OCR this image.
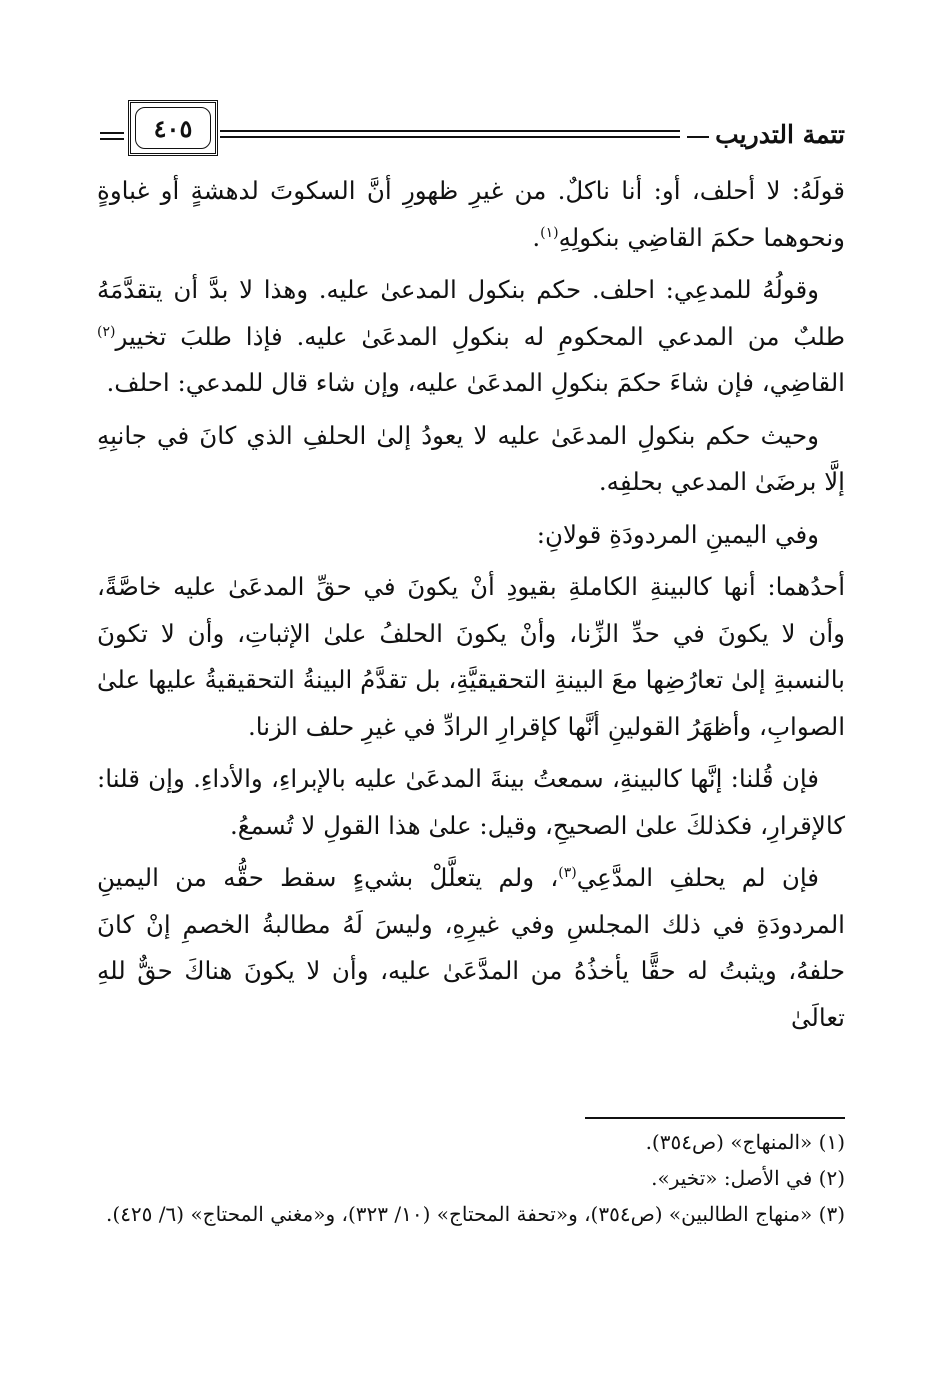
تتمة التدريب
٤٠٥

قولَهُ: لا أحلف، أو: أنا ناكلٌ. من غيرِ ظهورِ أنَّ السكوتَ لدهشةٍ أو غباوةٍ ونحوهما حكمَ القاضِي بنكولِهِ$^{(١)}$.

وقولُهُ للمدعِي: احلف. حكم بنكول المدعىٰ عليه. وهذا لا بدَّ أن يتقدَّمَهُ طلبٌ من المدعي المحكومِ له بنكولِ المدعَىٰ عليه. فإذا طلبَ تخيير$^{(٢)}$ القاضِي، فإن شاءَ حكمَ بنكولِ المدعَىٰ عليه، وإن شاء قال للمدعي: احلف.

وحيث حكم بنكولِ المدعَىٰ عليه لا يعودُ إلىٰ الحلفِ الذي كانَ في جانبِهِ إلَّا برضَىٰ المدعي بحلفِه.

وفي اليمينِ المردودَةِ قولانِ:

أحدُهما: أنها كالبينةِ الكاملةِ بقيودِ أنْ يكونَ في حقِّ المدعَىٰ عليه خاصَّةً، وأن لا يكونَ في حدِّ الزِّنا، وأنْ يكونَ الحلفُ علىٰ الإثباتِ، وأن لا تكونَ بالنسبةِ إلىٰ تعارُضِها معَ البينةِ التحقيقيَّةِ، بل تقدَّمُ البينةُ التحقيقيةُ عليها علىٰ الصوابِ، وأظهَرُ القولينِ أنَّها كإقرارِ الرادِّ في غيرِ حلف الزنا.

فإن قُلنا: إنَّها كالبينةِ، سمعتُ بينةَ المدعَىٰ عليه بالإبراءِ، والأداءِ. وإن قلنا: كالإقرارِ، فكذلكَ علىٰ الصحيحِ، وقيل: علىٰ هذا القولِ لا تُسمعُ.

فإن لم يحلفِ المدَّعِي$^{(٣)}$، ولم يتعلَّلْ بشيءٍ سقط حقُّه من اليمينِ المردودَةِ في ذلك المجلسِ وفي غيرِهِ، وليسَ لَهُ مطالبةُ الخصمِ إنْ كانَ حلفهُ، ويثبتُ له حقًّا يأخذُهُ من المدَّعَىٰ عليه، وأن لا يكونَ هناكَ حقٌّ للهِ تعالَىٰ

(١) «المنهاج» (ص٣٥٤).

(٢) في الأصل: «تخير».

(٣) «منهاج الطالبين» (ص٣٥٤)، و«تحفة المحتاج» (١٠/ ٣٢٣)، و«مغني المحتاج» (٦/ ٤٢٥).
